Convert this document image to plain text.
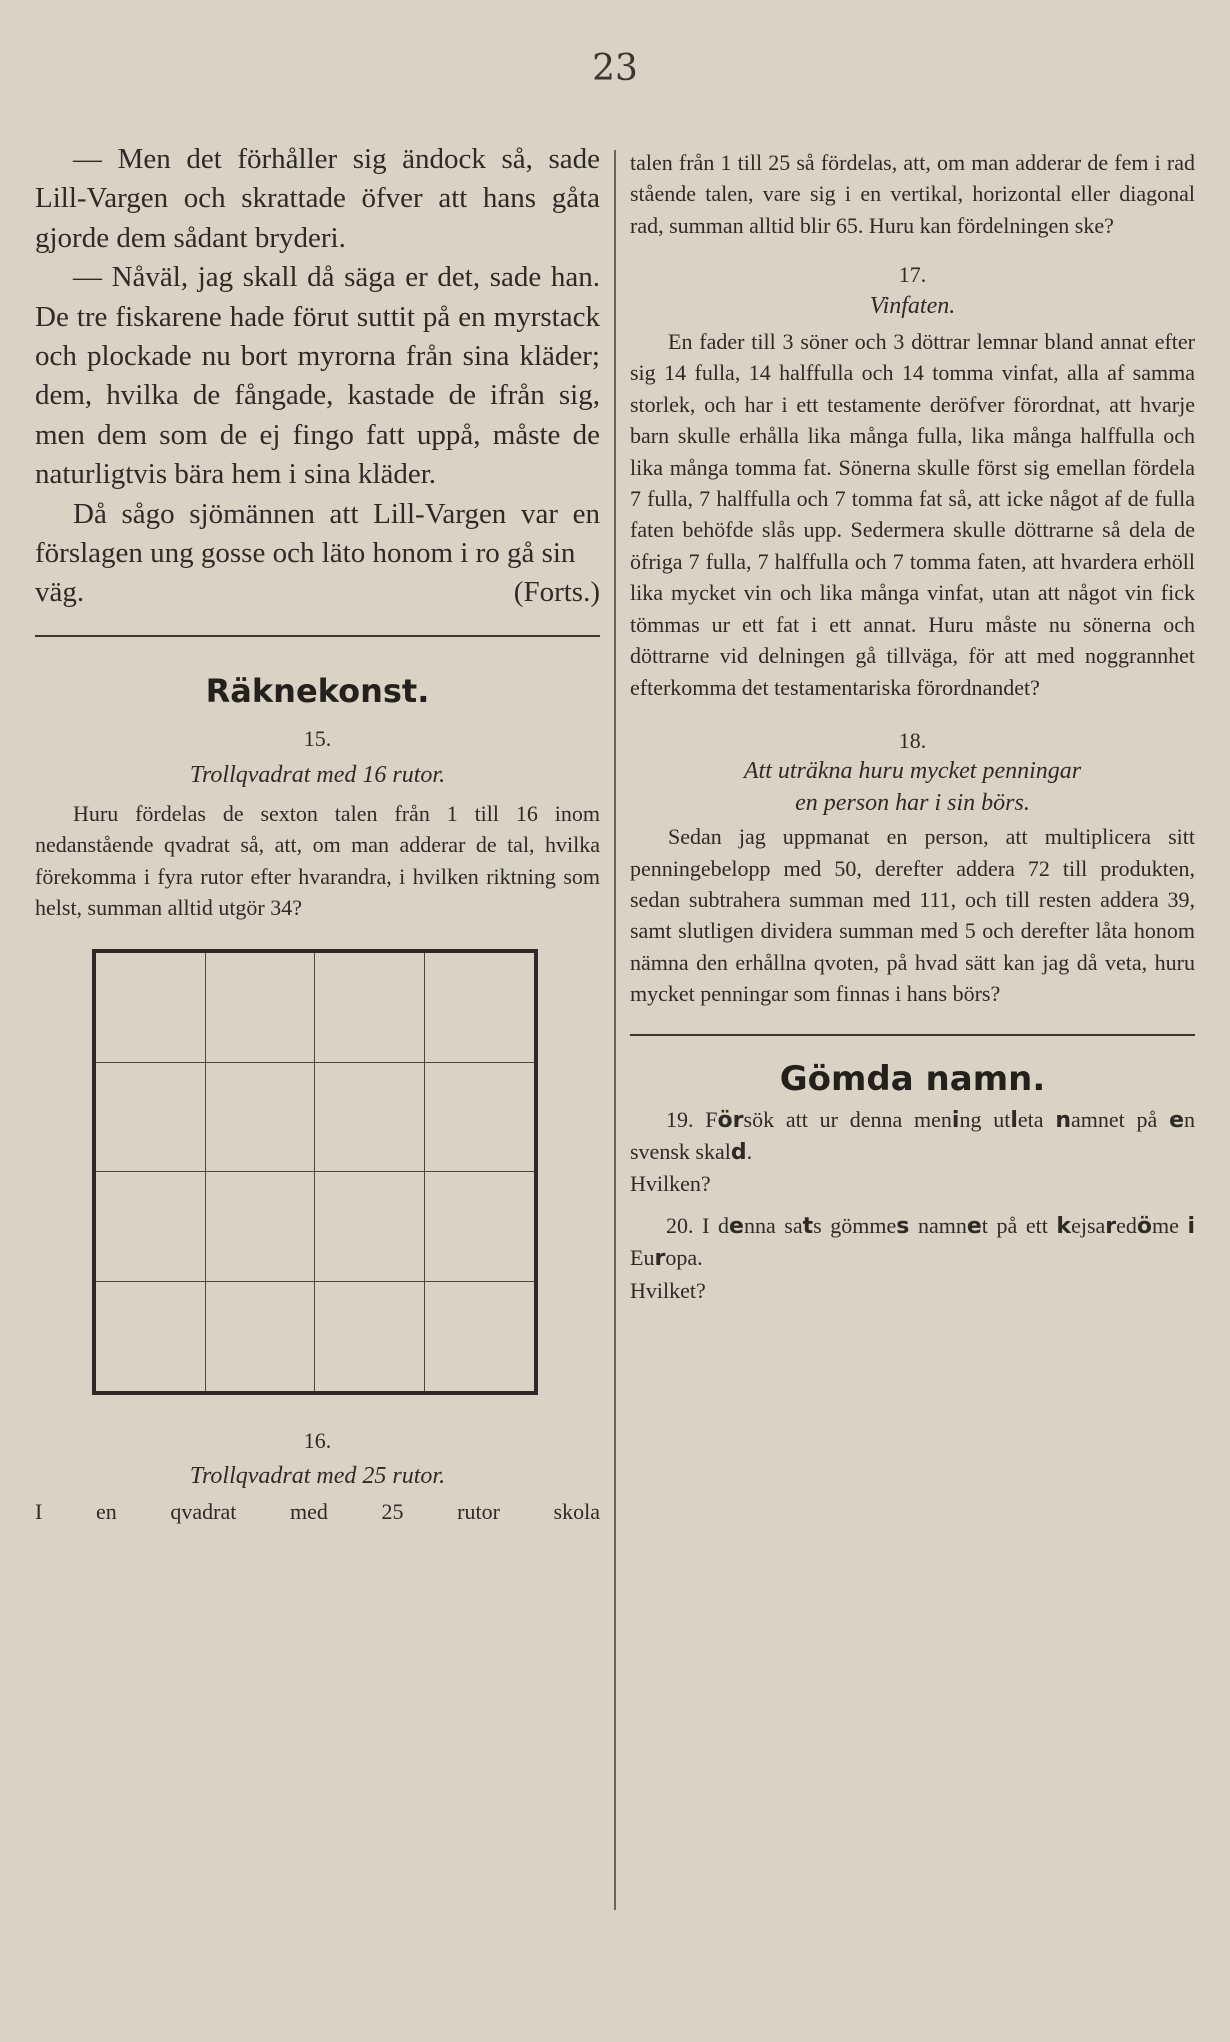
23

— Men det förhåller sig ändock så, sade Lill-Vargen och skrattade öfver att hans gåta gjorde dem sådant bryderi.

— Nåväl, jag skall då säga er det, sade han. De tre fiskarene hade förut suttit på en myrstack och plockade nu bort myrorna från sina kläder; dem, hvilka de fångade, kastade de ifrån sig, men dem som de ej fingo fatt uppå, måste de naturligtvis bära hem i sina kläder.

Då sågo sjömännen att Lill-Vargen var en förslagen ung gosse och läto honom i ro gå sin

väg.	(Forts.)

Räknekonst.

15.

Trollqvadrat med 16 rutor.

Huru fördelas de sexton talen från 1 till 16 inom nedanstående qvadrat så, att, om man adderar de tal, hvilka förekomma i fyra rutor efter hvarandra, i hvilken riktning som helst, summan alltid utgör 34?

16.

Trollqvadrat med 25 rutor.

I en qvadrat med 25 rutor skola

talen från 1 till 25 så fördelas, att, om man adderar de fem i rad stående talen, vare sig i en vertikal, horizontal eller diagonal rad, summan alltid blir 65. Huru kan fördelningen ske?

17.

Vinfaten.

En fader till 3 söner och 3 döttrar lemnar bland annat efter sig 14 fulla, 14 halffulla och 14 tomma vinfat, alla af samma storlek, och har i ett testamente deröfver förordnat, att hvarje barn skulle erhålla lika många fulla, lika många halffulla och lika många tomma fat. Sönerna skulle först sig emellan fördela 7 fulla, 7 halffulla och 7 tomma fat så, att icke något af de fulla faten behöfde slås upp. Sedermera skulle döttrarne så dela de öfriga 7 fulla, 7 halffulla och 7 tomma faten, att hvardera erhöll lika mycket vin och lika många vinfat, utan att något vin fick tömmas ur ett fat i ett annat. Huru måste nu sönerna och döttrarne vid delningen gå tillväga, för att med noggrannhet efterkomma det testamentariska förordnandet?

18.

Att uträkna huru mycket penningar

en person har i sin börs.

Sedan jag uppmanat en person, att multiplicera sitt penningebelopp med 50, derefter addera 72 till produkten, sedan subtrahera summan med 111, och till resten addera 39, samt slutligen dividera summan med 5 och derefter låta honom nämna den erhållna qvoten, på hvad sätt kan jag då veta, huru mycket penningar som finnas i hans börs?

Gömda namn.

19. Försök att ur denna mening utleta namnet på en svensk skald.

Hvilken?

20. I denna sats gömmes namnet på ett kejsaredöme i Europa.

Hvilket?
